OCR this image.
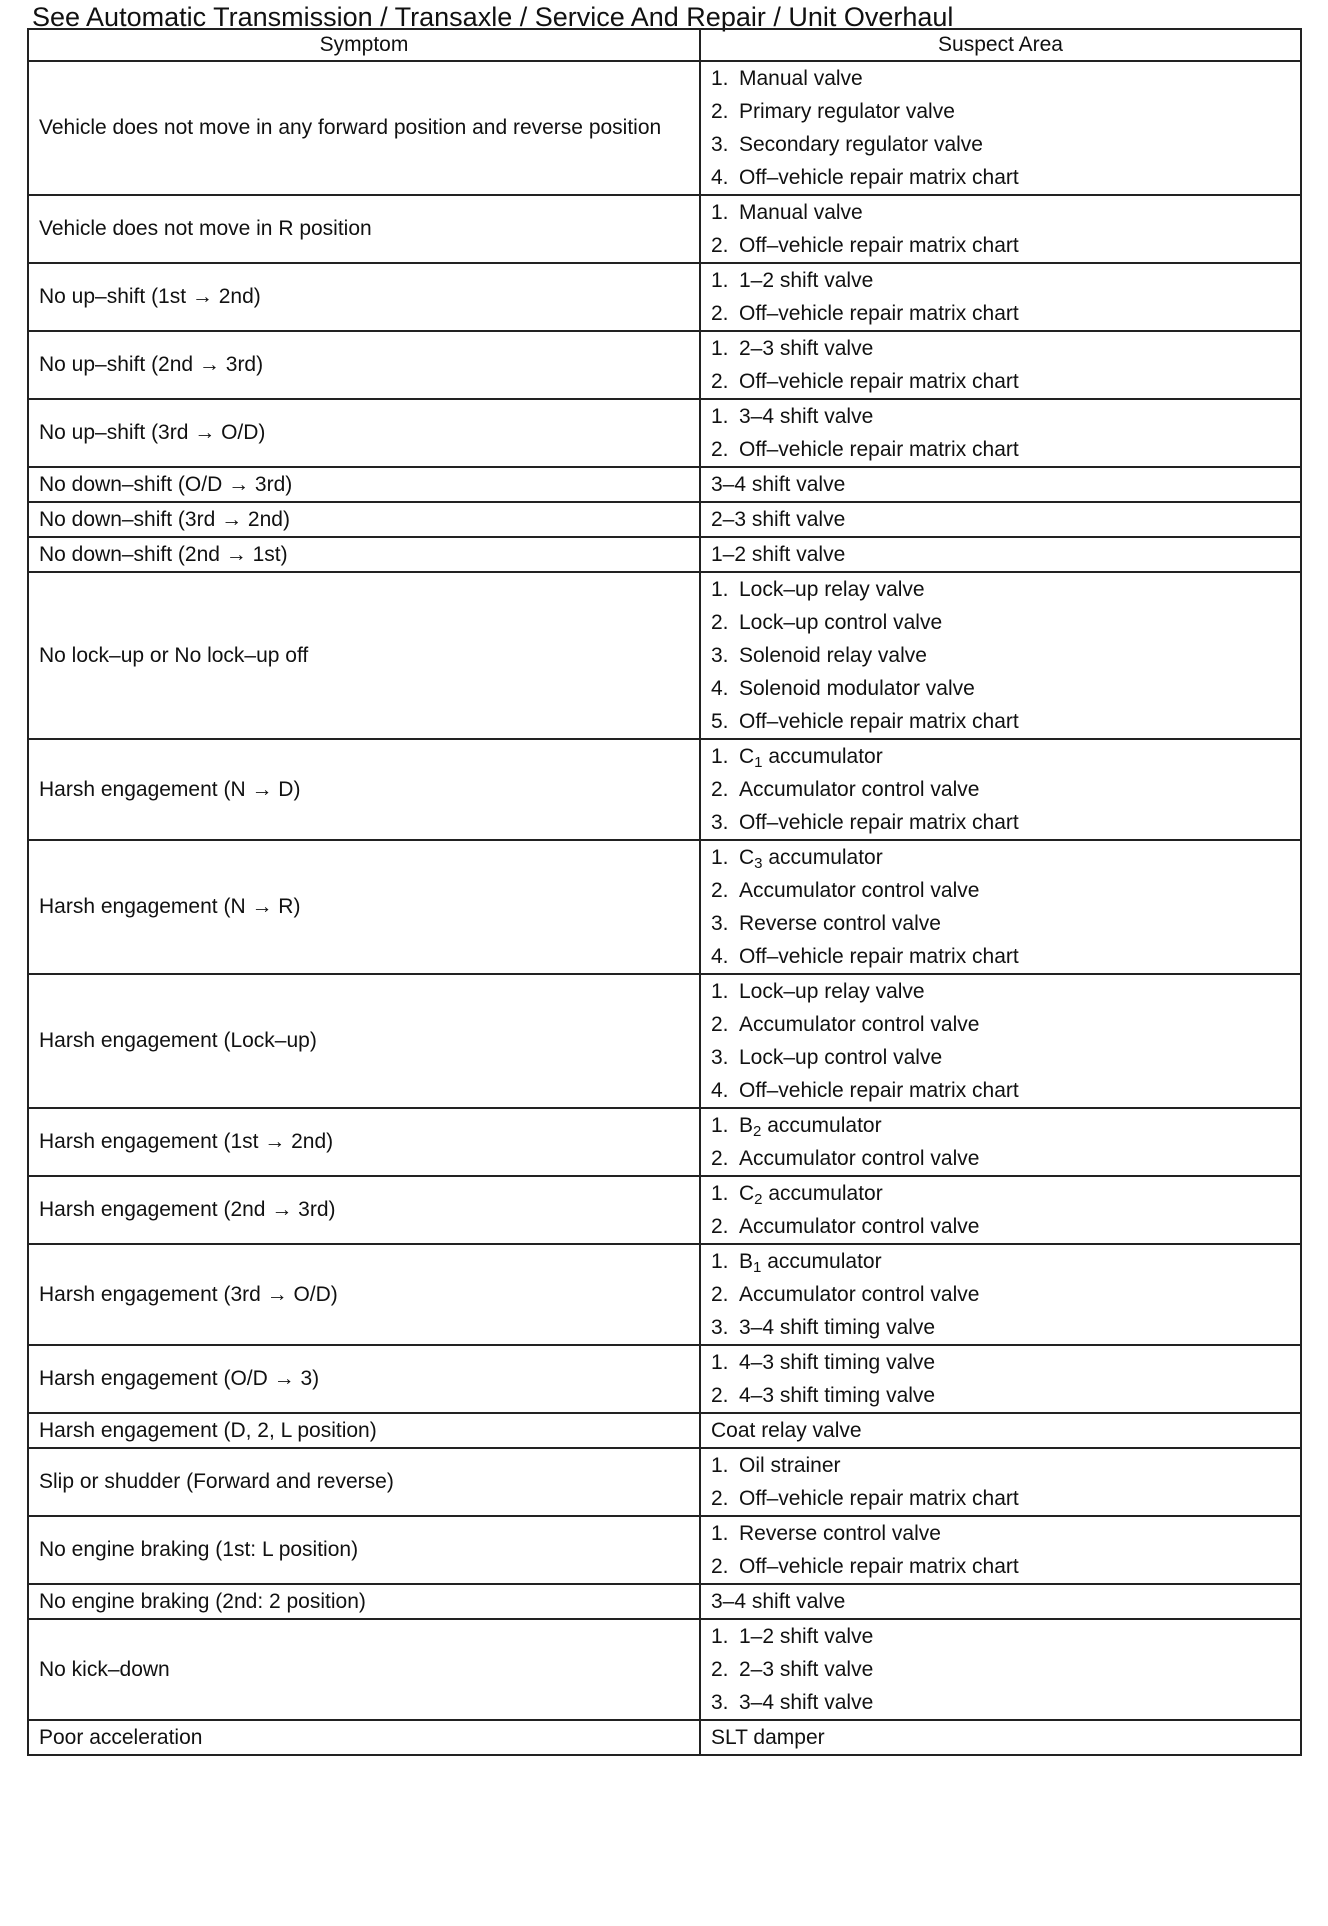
See Automatic Transmission / Transaxle / Service And Repair / Unit Overhaul
Symptom	Suspect Area
Vehicle does not move in any forward position and reverse position	1. Manual valve
2. Primary regulator valve
3. Secondary regulator valve
4. Off–vehicle repair matrix chart

Vehicle does not move in R position	1. Manual valve
2. Off–vehicle repair matrix chart

No up–shift (1st → 2nd)	1. 1–2 shift valve
2. Off–vehicle repair matrix chart

No up–shift (2nd → 3rd)	1. 2–3 shift valve
2. Off–vehicle repair matrix chart

No up–shift (3rd → O/D)	1. 3–4 shift valve
2. Off–vehicle repair matrix chart

No down–shift (O/D → 3rd)	3–4 shift valve

No down–shift (3rd → 2nd)	2–3 shift valve

No down–shift (2nd → 1st)	1–2 shift valve

No lock–up or No lock–up off	1. Lock–up relay valve
2. Lock–up control valve
3. Solenoid relay valve
4. Solenoid modulator valve
5. Off–vehicle repair matrix chart

Harsh engagement (N → D)	1. $C_1$ accumulator
2. Accumulator control valve
3. Off–vehicle repair matrix chart

Harsh engagement (N → R)	1. $C_3$ accumulator
2. Accumulator control valve
3. Reverse control valve
4. Off–vehicle repair matrix chart

Harsh engagement (Lock–up)	1. Lock–up relay valve
2. Accumulator control valve
3. Lock–up control valve
4. Off–vehicle repair matrix chart

Harsh engagement (1st → 2nd)	1. $B_2$ accumulator
2. Accumulator control valve

Harsh engagement (2nd → 3rd)	1. $C_2$ accumulator
2. Accumulator control valve

Harsh engagement (3rd → O/D)	1. $B_1$ accumulator
2. Accumulator control valve
3. 3–4 shift timing valve

Harsh engagement (O/D → 3)	1. 4–3 shift timing valve
2. 4–3 shift timing valve

Harsh engagement (D, 2, L position)	Coat relay valve

Slip or shudder (Forward and reverse)	1. Oil strainer
2. Off–vehicle repair matrix chart

No engine braking (1st: L position)	1. Reverse control valve
2. Off–vehicle repair matrix chart

No engine braking (2nd: 2 position)	3–4 shift valve

No kick–down	1. 1–2 shift valve
2. 2–3 shift valve
3. 3–4 shift valve

Poor acceleration	SLT damper
